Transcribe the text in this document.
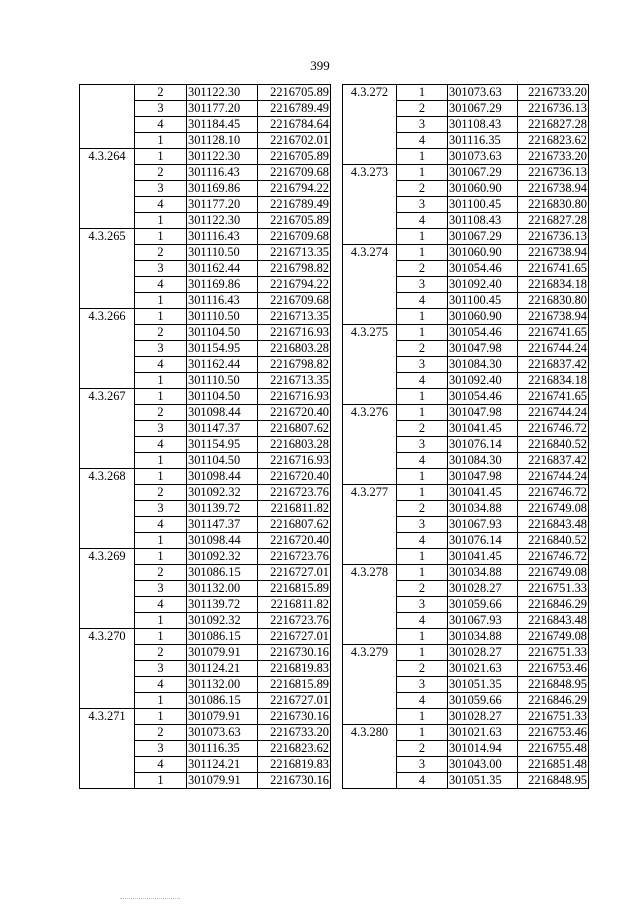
399
	2	301122.30	2216705.89
	3	301177.20	2216789.49
	4	301184.45	2216784.64
	1	301128.10	2216702.01
4.3.264	1	301122.30	2216705.89
	2	301116.43	2216709.68
	3	301169.86	2216794.22
	4	301177.20	2216789.49
	1	301122.30	2216705.89
4.3.265	1	301116.43	2216709.68
	2	301110.50	2216713.35
	3	301162.44	2216798.82
	4	301169.86	2216794.22
	1	301116.43	2216709.68
4.3.266	1	301110.50	2216713.35
	2	301104.50	2216716.93
	3	301154.95	2216803.28
	4	301162.44	2216798.82
	1	301110.50	2216713.35
4.3.267	1	301104.50	2216716.93
	2	301098.44	2216720.40
	3	301147.37	2216807.62
	4	301154.95	2216803.28
	1	301104.50	2216716.93
4.3.268	1	301098.44	2216720.40
	2	301092.32	2216723.76
	3	301139.72	2216811.82
	4	301147.37	2216807.62
	1	301098.44	2216720.40
4.3.269	1	301092.32	2216723.76
	2	301086.15	2216727.01
	3	301132.00	2216815.89
	4	301139.72	2216811.82
	1	301092.32	2216723.76
4.3.270	1	301086.15	2216727.01
	2	301079.91	2216730.16
	3	301124.21	2216819.83
	4	301132.00	2216815.89
	1	301086.15	2216727.01
4.3.271	1	301079.91	2216730.16
	2	301073.63	2216733.20
	3	301116.35	2216823.62
	4	301124.21	2216819.83
	1	301079.91	2216730.16
4.3.272	1	301073.63	2216733.20
	2	301067.29	2216736.13
	3	301108.43	2216827.28
	4	301116.35	2216823.62
	1	301073.63	2216733.20
4.3.273	1	301067.29	2216736.13
	2	301060.90	2216738.94
	3	301100.45	2216830.80
	4	301108.43	2216827.28
	1	301067.29	2216736.13
4.3.274	1	301060.90	2216738.94
	2	301054.46	2216741.65
	3	301092.40	2216834.18
	4	301100.45	2216830.80
	1	301060.90	2216738.94
4.3.275	1	301054.46	2216741.65
	2	301047.98	2216744.24
	3	301084.30	2216837.42
	4	301092.40	2216834.18
	1	301054.46	2216741.65
4.3.276	1	301047.98	2216744.24
	2	301041.45	2216746.72
	3	301076.14	2216840.52
	4	301084.30	2216837.42
	1	301047.98	2216744.24
4.3.277	1	301041.45	2216746.72
	2	301034.88	2216749.08
	3	301067.93	2216843.48
	4	301076.14	2216840.52
	1	301041.45	2216746.72
4.3.278	1	301034.88	2216749.08
	2	301028.27	2216751.33
	3	301059.66	2216846.29
	4	301067.93	2216843.48
	1	301034.88	2216749.08
4.3.279	1	301028.27	2216751.33
	2	301021.63	2216753.46
	3	301051.35	2216848.95
	4	301059.66	2216846.29
	1	301028.27	2216751.33
4.3.280	1	301021.63	2216753.46
	2	301014.94	2216755.48
	3	301043.00	2216851.48
	4	301051.35	2216848.95
